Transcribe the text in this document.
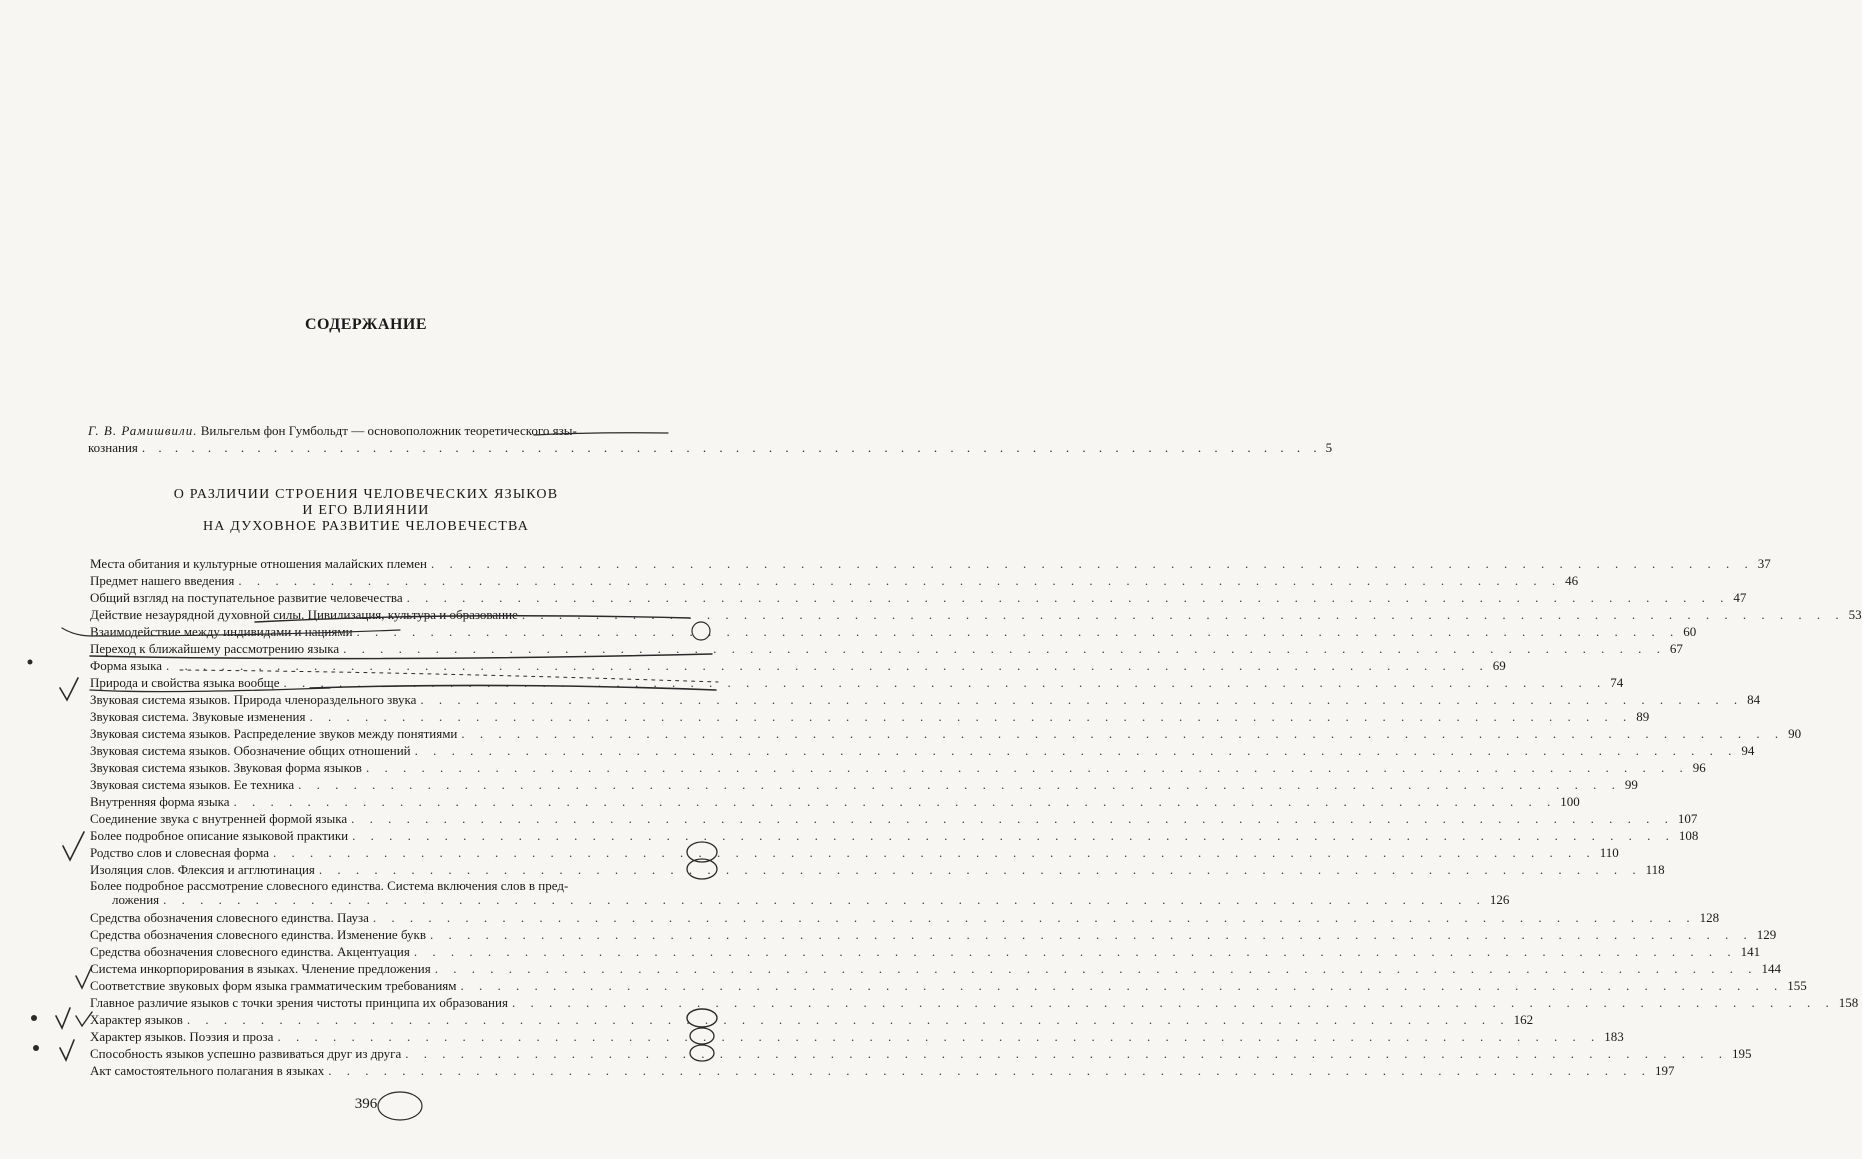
СОДЕРЖАНИЕ
Г. В. Рамишвили. Вильгельм фон Гумбольдт — основоположник теоретического язы-
кознания . . . . . . . . . . . . . . . . . . . . . . . . . . . . . . . . . . . . . . . . . . . . . . . . . . . . . . . . . . . . . . . . . . . . . . . . 5
О РАЗЛИЧИИ СТРОЕНИЯ ЧЕЛОВЕЧЕСКИХ ЯЗЫКОВ
И ЕГО ВЛИЯНИИ
НА ДУХОВНОЕ РАЗВИТИЕ ЧЕЛОВЕЧЕСТВА
Места обитания и культурные отношения малайских племен . . . . . . . . . . . . . . . . . . . . . . . . . . . . . . . . . . . . . . . . . . . . . . . . . . . . . . . . . . . . . . . . . . . . . . . . 37
Предмет нашего введения . . . . . . . . . . . . . . . . . . . . . . . . . . . . . . . . . . . . . . . . . . . . . . . . . . . . . . . . . . . . . . . . . . . . . . . . 46
Общий взгляд на поступательное развитие человечества . . . . . . . . . . . . . . . . . . . . . . . . . . . . . . . . . . . . . . . . . . . . . . . . . . . . . . . . . . . . . . . . . . . . . . . . 47
Действие незаурядной духовной силы. Цивилизация, культура и образование . . . . . . . . . . . . . . . . . . . . . . . . . . . . . . . . . . . . . . . . . . . . . . . . . . . . . . . . . . . . . . . . . . . . . . . . 53
Взаимодействие между индивидами и нациями . . . . . . . . . . . . . . . . . . . . . . . . . . . . . . . . . . . . . . . . . . . . . . . . . . . . . . . . . . . . . . . . . . . . . . . . 60
Переход к ближайшему рассмотрению языка . . . . . . . . . . . . . . . . . . . . . . . . . . . . . . . . . . . . . . . . . . . . . . . . . . . . . . . . . . . . . . . . . . . . . . . . 67
Форма языка . . . . . . . . . . . . . . . . . . . . . . . . . . . . . . . . . . . . . . . . . . . . . . . . . . . . . . . . . . . . . . . . . . . . . . . . 69
Природа и свойства языка вообще . . . . . . . . . . . . . . . . . . . . . . . . . . . . . . . . . . . . . . . . . . . . . . . . . . . . . . . . . . . . . . . . . . . . . . . . 74
Звуковая система языков. Природа членораздельного звука . . . . . . . . . . . . . . . . . . . . . . . . . . . . . . . . . . . . . . . . . . . . . . . . . . . . . . . . . . . . . . . . . . . . . . . . 84
Звуковая система. Звуковые изменения . . . . . . . . . . . . . . . . . . . . . . . . . . . . . . . . . . . . . . . . . . . . . . . . . . . . . . . . . . . . . . . . . . . . . . . . 89
Звуковая система языков. Распределение звуков между понятиями . . . . . . . . . . . . . . . . . . . . . . . . . . . . . . . . . . . . . . . . . . . . . . . . . . . . . . . . . . . . . . . . . . . . . . . . 90
Звуковая система языков. Обозначение общих отношений . . . . . . . . . . . . . . . . . . . . . . . . . . . . . . . . . . . . . . . . . . . . . . . . . . . . . . . . . . . . . . . . . . . . . . . . 94
Звуковая система языков. Звуковая форма языков . . . . . . . . . . . . . . . . . . . . . . . . . . . . . . . . . . . . . . . . . . . . . . . . . . . . . . . . . . . . . . . . . . . . . . . . 96
Звуковая система языков. Ее техника . . . . . . . . . . . . . . . . . . . . . . . . . . . . . . . . . . . . . . . . . . . . . . . . . . . . . . . . . . . . . . . . . . . . . . . . 99
Внутренняя форма языка . . . . . . . . . . . . . . . . . . . . . . . . . . . . . . . . . . . . . . . . . . . . . . . . . . . . . . . . . . . . . . . . . . . . . . . . 100
Соединение звука с внутренней формой языка . . . . . . . . . . . . . . . . . . . . . . . . . . . . . . . . . . . . . . . . . . . . . . . . . . . . . . . . . . . . . . . . . . . . . . . . 107
Более подробное описание языковой практики . . . . . . . . . . . . . . . . . . . . . . . . . . . . . . . . . . . . . . . . . . . . . . . . . . . . . . . . . . . . . . . . . . . . . . . . 108
Родство слов и словесная форма . . . . . . . . . . . . . . . . . . . . . . . . . . . . . . . . . . . . . . . . . . . . . . . . . . . . . . . . . . . . . . . . . . . . . . . . 110
Изоляция слов. Флексия и агглютинация . . . . . . . . . . . . . . . . . . . . . . . . . . . . . . . . . . . . . . . . . . . . . . . . . . . . . . . . . . . . . . . . . . . . . . . . 118
Более подробное рассмотрение словесного единства. Система включения слов в пред-
ложения . . . . . . . . . . . . . . . . . . . . . . . . . . . . . . . . . . . . . . . . . . . . . . . . . . . . . . . . . . . . . . . . . . . . . . . . 126
Средства обозначения словесного единства. Пауза . . . . . . . . . . . . . . . . . . . . . . . . . . . . . . . . . . . . . . . . . . . . . . . . . . . . . . . . . . . . . . . . . . . . . . . . 128
Средства обозначения словесного единства. Изменение букв . . . . . . . . . . . . . . . . . . . . . . . . . . . . . . . . . . . . . . . . . . . . . . . . . . . . . . . . . . . . . . . . . . . . . . . . 129
Средства обозначения словесного единства. Акцентуация . . . . . . . . . . . . . . . . . . . . . . . . . . . . . . . . . . . . . . . . . . . . . . . . . . . . . . . . . . . . . . . . . . . . . . . . 141
Система инкорпорирования в языках. Членение предложения . . . . . . . . . . . . . . . . . . . . . . . . . . . . . . . . . . . . . . . . . . . . . . . . . . . . . . . . . . . . . . . . . . . . . . . . 144
Соответствие звуковых форм языка грамматическим требованиям . . . . . . . . . . . . . . . . . . . . . . . . . . . . . . . . . . . . . . . . . . . . . . . . . . . . . . . . . . . . . . . . . . . . . . . . 155
Главное различие языков с точки зрения чистоты принципа их образования . . . . . . . . . . . . . . . . . . . . . . . . . . . . . . . . . . . . . . . . . . . . . . . . . . . . . . . . . . . . . . . . . . . . . . . . 158
Характер языков . . . . . . . . . . . . . . . . . . . . . . . . . . . . . . . . . . . . . . . . . . . . . . . . . . . . . . . . . . . . . . . . . . . . . . . . 162
Характер языков. Поэзия и проза . . . . . . . . . . . . . . . . . . . . . . . . . . . . . . . . . . . . . . . . . . . . . . . . . . . . . . . . . . . . . . . . . . . . . . . . 183
Способность языков успешно развиваться друг из друга . . . . . . . . . . . . . . . . . . . . . . . . . . . . . . . . . . . . . . . . . . . . . . . . . . . . . . . . . . . . . . . . . . . . . . . . 195
Акт самостоятельного полагания в языках . . . . . . . . . . . . . . . . . . . . . . . . . . . . . . . . . . . . . . . . . . . . . . . . . . . . . . . . . . . . . . . . . . . . . . . . 197
396
